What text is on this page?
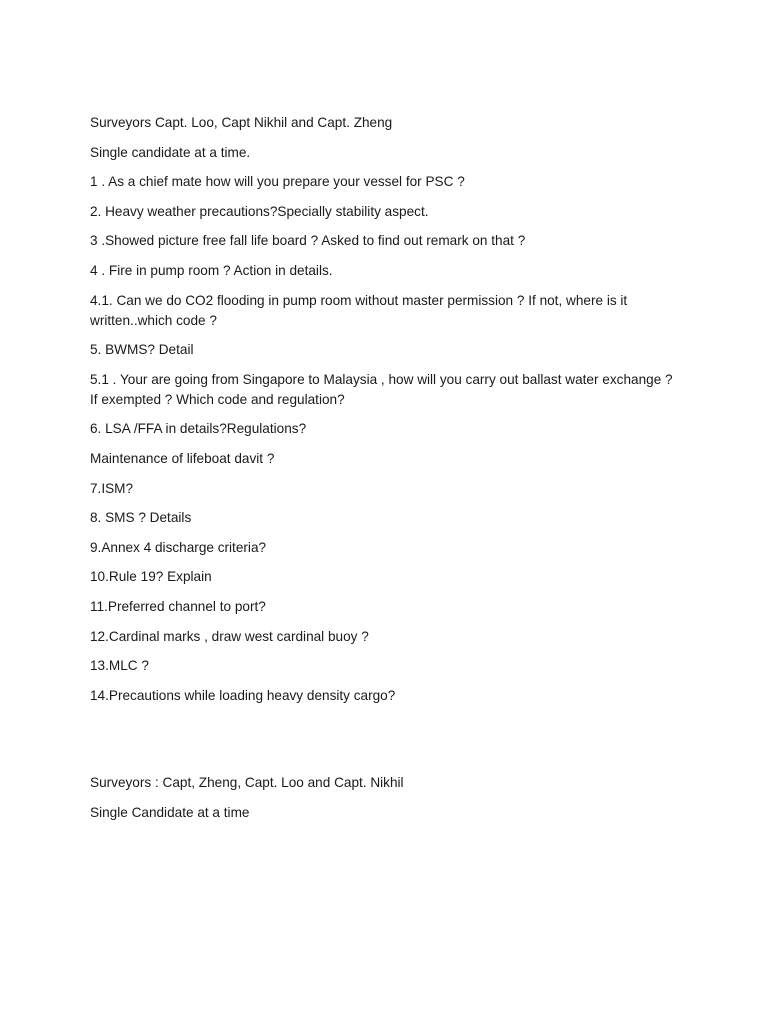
Surveyors Capt. Loo, Capt Nikhil and Capt. Zheng

Single candidate at a time.

1 . As a chief mate how will you prepare your vessel for PSC ?

2. Heavy weather precautions?Specially stability aspect.

3 .Showed picture free fall life board ? Asked to find out remark on that ?

4 . Fire in pump room ? Action in details.

4.1. Can we do CO2 flooding in pump room without master permission ? If not, where is it written..which code ?

5. BWMS? Detail

5.1 . Your are going from Singapore to Malaysia , how will you carry out ballast water exchange ? If exempted ? Which code and regulation?

6. LSA /FFA in details?Regulations?

Maintenance of lifeboat davit ?

7.ISM?

8. SMS ? Details

9.Annex 4 discharge criteria?

10.Rule 19? Explain

11.Preferred channel to port?

12.Cardinal marks , draw west cardinal buoy ?

13.MLC ?

14.Precautions while loading heavy density cargo?

Surveyors : Capt, Zheng, Capt. Loo and Capt. Nikhil

Single Candidate at a time
